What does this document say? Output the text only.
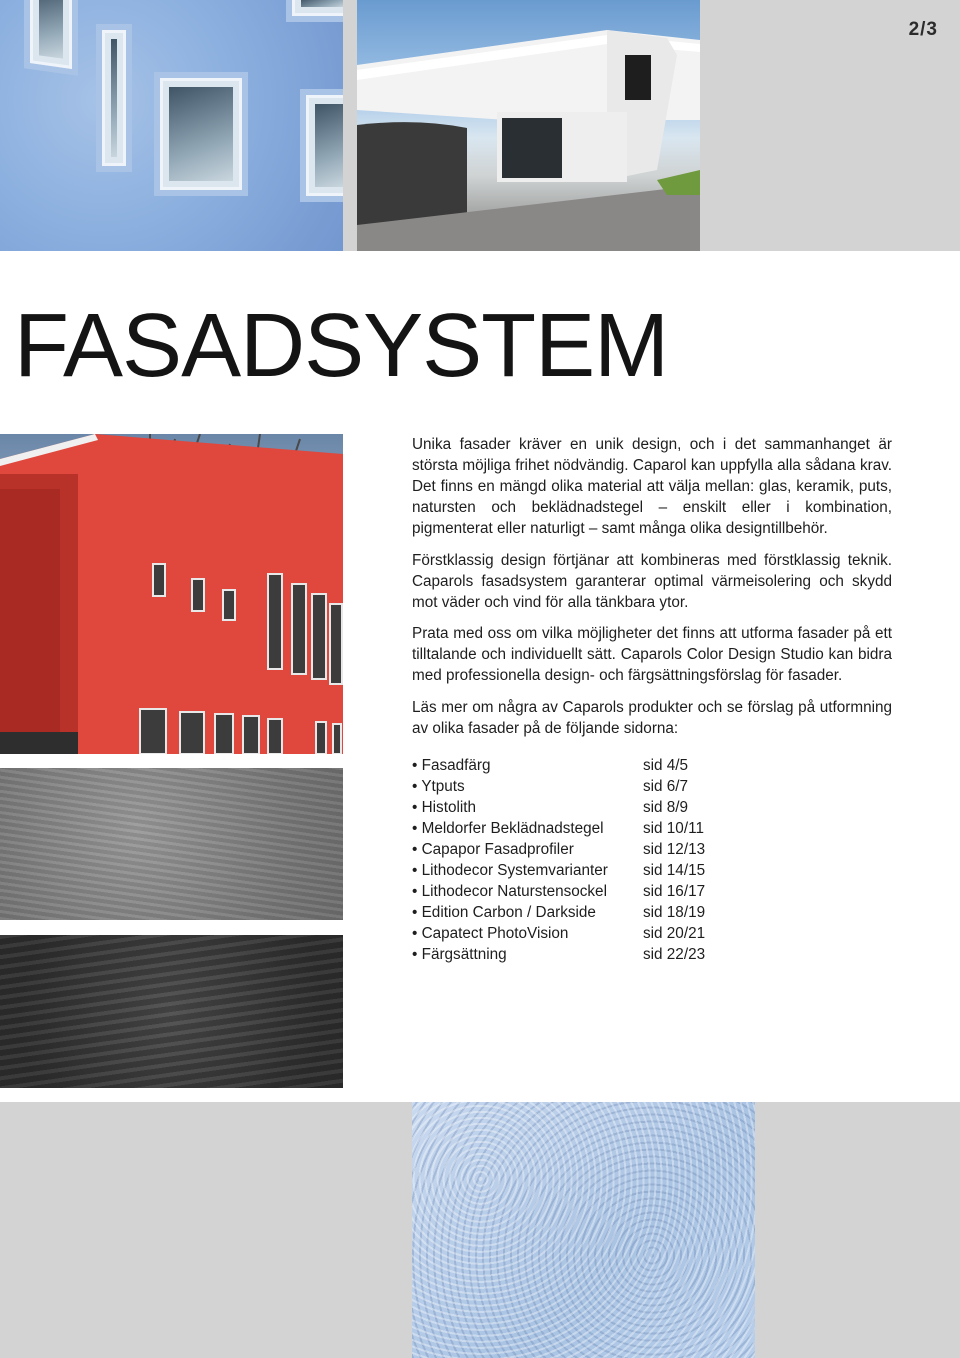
2/3
FASADSYSTEM

Unika fasader kräver en unik design, och i det sammanhanget är största möjliga frihet nödvändig. Caparol kan uppfylla alla sådana krav. Det finns en mängd olika material att välja mellan: glas, keramik, puts, natursten och beklädnadstegel – enskilt eller i kombination, pigmenterat eller naturligt – samt många olika designtillbehör.

Förstklassig design förtjänar att kombineras med förstklassig teknik. Caparols fasadsystem garanterar optimal värmeisolering och skydd mot väder och vind för alla tänkbara ytor.

Prata med oss om vilka möjligheter det finns att utforma fasader på ett tilltalande och individuellt sätt. Caparols Color Design Studio kan bidra med professionella design- och färgsättningsförslag för fasader.

Läs mer om några av Caparols produkter och se förslag på utformning av olika fasader på de följande sidorna:

• Fasadfärg	sid 4/5
• Ytputs	sid 6/7
• Histolith	sid 8/9
• Meldorfer Beklädnadstegel	sid 10/11
• Capapor Fasadprofiler	sid 12/13
• Lithodecor Systemvarianter	sid 14/15
• Lithodecor Naturstensockel	sid 16/17
• Edition Carbon / Darkside	sid 18/19
• Capatect PhotoVision	sid 20/21
• Färgsättning	sid 22/23
